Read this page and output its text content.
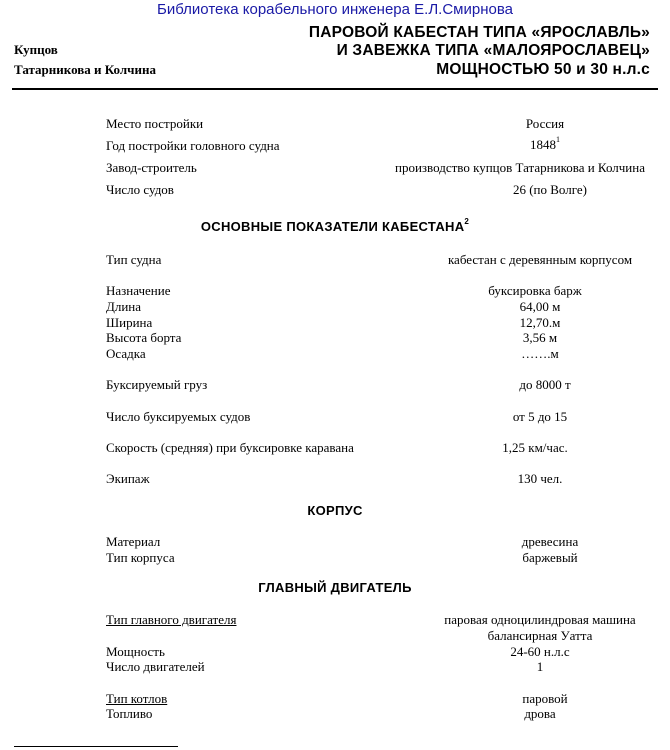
Библиотека корабельного инженера Е.Л.Смирнова
Купцов
Татарникова и Колчина
ПАРОВОЙ КАБЕСТАН ТИПА «ЯРОСЛАВЛЬ»
И ЗАВЕЖКА ТИПА «МАЛОЯРОСЛАВЕЦ»
МОЩНОСТЬЮ 50 и 30 н.л.с
Место постройки	Россия
Год постройки головного судна	1848$^1$
Завод-строитель	производство купцов Татарникова и Колчина
Число судов	26 (по Волге)
ОСНОВНЫЕ ПОКАЗАТЕЛИ КАБЕСТАНА$^2$
Тип судна	кабестан с деревянным корпусом
Назначение	буксировка барж
Длина	64,00 м
Ширина	12,70.м
Высота борта	3,56 м
Осадка	…….м
Буксируемый груз	до 8000 т
Число буксируемых судов	от 5 до 15
Скорость (средняя) при буксировке каравана	1,25 км/час.
Экипаж	130 чел.
КОРПУС
Материал	древесина
Тип корпуса	баржевый
ГЛАВНЫЙ ДВИГАТЕЛЬ
Тип главного двигателя	паровая одноцилиндровая машина
балансирная Уатта
Мощность	24-60 н.л.с
Число двигателей	1
Тип котлов	паровой
Топливо	дрова
